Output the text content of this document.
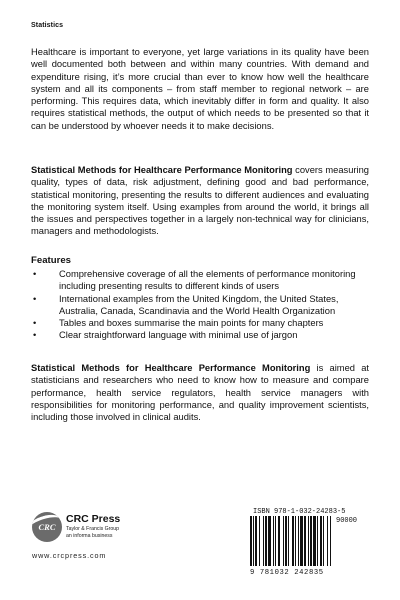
Statistics

Healthcare is important to everyone, yet large variations in its quality have been well documented both between and within many countries. With demand and expenditure rising, it’s more crucial than ever to know how well the healthcare system and all its components – from staff member to regional network – are performing. This requires data, which inevitably differ in form and quality. It also requires statistical methods, the output of which needs to be presented so that it can be understood by whoever needs it to make decisions.

Statistical Methods for Healthcare Performance Monitoring covers measuring quality, types of data, risk adjustment, defining good and bad performance, statistical monitoring, presenting the results to different audiences and evaluating the monitoring system itself. Using examples from around the world, it brings all the issues and perspectives together in a largely non-technical way for clinicians, managers and methodologists.

Features
• Comprehensive coverage of all the elements of performance monitoring including presenting results to different kinds of users
• International examples from the United Kingdom, the United States, Australia, Canada, Scandinavia and the World Health Organization
• Tables and boxes summarise the main points for many chapters
• Clear straightforward language with minimal use of jargon

Statistical Methods for Healthcare Performance Monitoring is aimed at statisticians and researchers who need to know how to measure and compare performance, health service regulators, health service managers with responsibilities for monitoring performance, and quality improvement scientists, including those involved in clinical audits.

CRC
CRC Press
Taylor & Francis Group
an informa business
www.crcpress.com
ISBN 978-1-032-24283-5
90000
9 781032 242835
